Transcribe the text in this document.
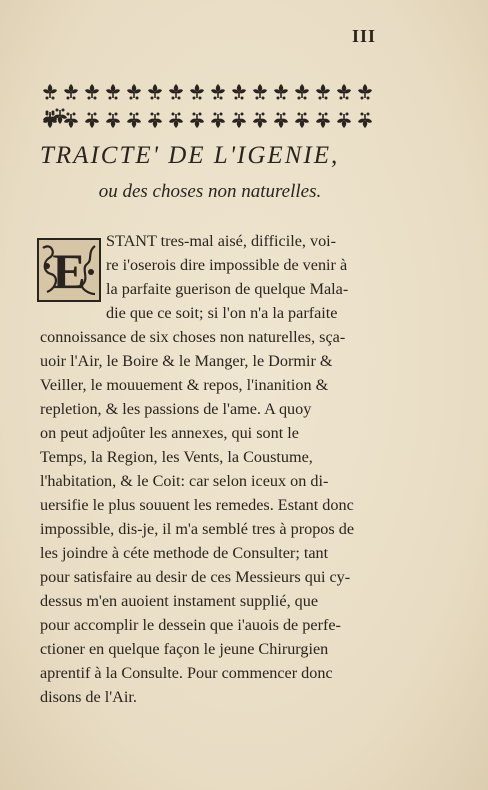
III
TRAICTE' DE L'IGENIE,
ou des choses non naturelles.
E
STANT tres-mal aisé, difficile, voi-
re i'oserois dire impossible de venir à
la parfaite guerison de quelque Mala-
die que ce soit; si l'on n'a la parfaite
connoissance de six choses non naturelles, sça-
uoir l'Air, le Boire & le Manger, le Dormir &
Veiller, le mouuement & repos, l'inanition &
repletion, & les passions de l'ame. A quoy
on peut adjoûter les annexes, qui sont le
Temps, la Region, les Vents, la Coustume,
l'habitation, & le Coit: car selon iceux on di-
uersifie le plus souuent les remedes. Estant donc
impossible, dis-je, il m'a semblé tres à propos de
les joindre à céte methode de Consulter; tant
pour satisfaire au desir de ces Messieurs qui cy-
dessus m'en auoient instament supplié, que
pour accomplir le dessein que i'auois de perfe-
ctioner en quelque façon le jeune Chirurgien
aprentif à la Consulte. Pour commencer donc
disons de l'Air.
